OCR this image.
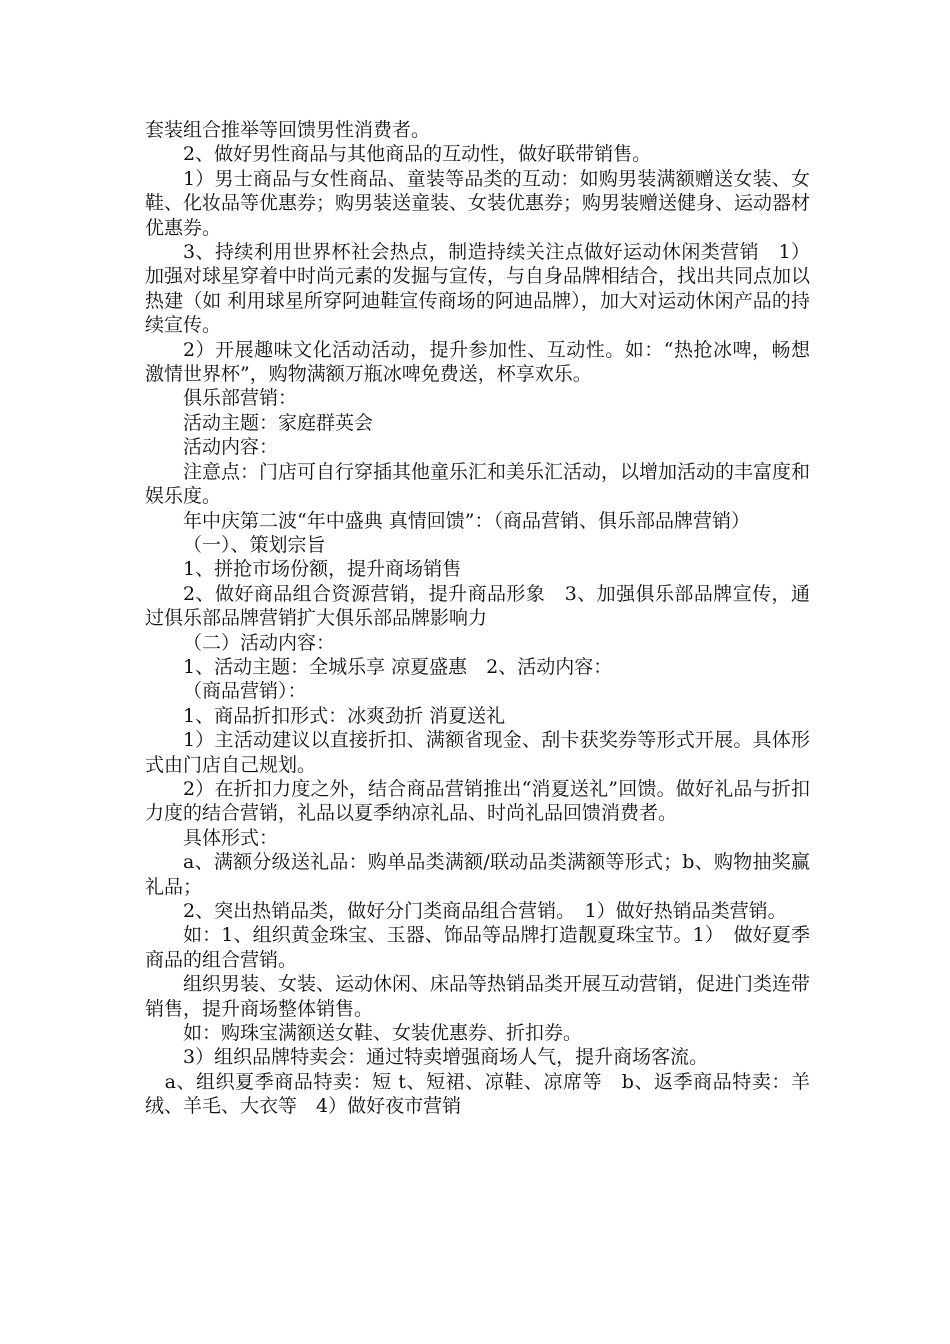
套装组合推举等回馈男性消费者。

2、做好男性商品与其他商品的互动性，做好联带销售。

1）男士商品与女性商品、童装等品类的互动：如购男装满额赠送女装、女鞋、化妆品等优惠券；购男装送童装、女装优惠券；购男装赠送健身、运动器材优惠券。

3、持续利用世界杯社会热点，制造持续关注点做好运动休闲类营销　1）加强对球星穿着中时尚元素的发掘与宣传，与自身品牌相结合，找出共同点加以热建（如 利用球星所穿阿迪鞋宣传商场的阿迪品牌），加大对运动休闲产品的持续宣传。

2）开展趣味文化活动活动，提升参加性、互动性。如：“热抢冰啤，畅想激情世界杯”，购物满额万瓶冰啤免费送，杯享欢乐。

俱乐部营销：

活动主题：家庭群英会

活动内容：

注意点：门店可自行穿插其他童乐汇和美乐汇活动，以增加活动的丰富度和娱乐度。

年中庆第二波“年中盛典 真情回馈”：（商品营销、俱乐部品牌营销）

（一）、策划宗旨

1、拼抢市场份额，提升商场销售

2、做好商品组合资源营销，提升商品形象　3、加强俱乐部品牌宣传，通过俱乐部品牌营销扩大俱乐部品牌影响力

（二）活动内容：

1、活动主题：全城乐享 凉夏盛惠　2、活动内容：

（商品营销）：

1、商品折扣形式：冰爽劲折 消夏送礼

1）主活动建议以直接折扣、满额省现金、刮卡获奖券等形式开展。具体形式由门店自己规划。

2）在折扣力度之外，结合商品营销推出“消夏送礼”回馈。做好礼品与折扣力度的结合营销，礼品以夏季纳凉礼品、时尚礼品回馈消费者。

具体形式：

a、满额分级送礼品：购单品类满额/联动品类满额等形式；b、购物抽奖赢礼品；

2、突出热销品类，做好分门类商品组合营销。　1）做好热销品类营销。

如：1、组织黄金珠宝、玉器、饰品等品牌打造靓夏珠宝节。1）　做好夏季商品的组合营销。

组织男装、女装、运动休闲、床品等热销品类开展互动营销，促进门类连带销售，提升商场整体销售。

如：购珠宝满额送女鞋、女装优惠券、折扣券。

3）组织品牌特卖会：通过特卖增强商场人气，提升商场客流。

　a、组织夏季商品特卖：短 t、短裙、凉鞋、凉席等　b、返季商品特卖：羊绒、羊毛、大衣等　4）做好夜市营销
